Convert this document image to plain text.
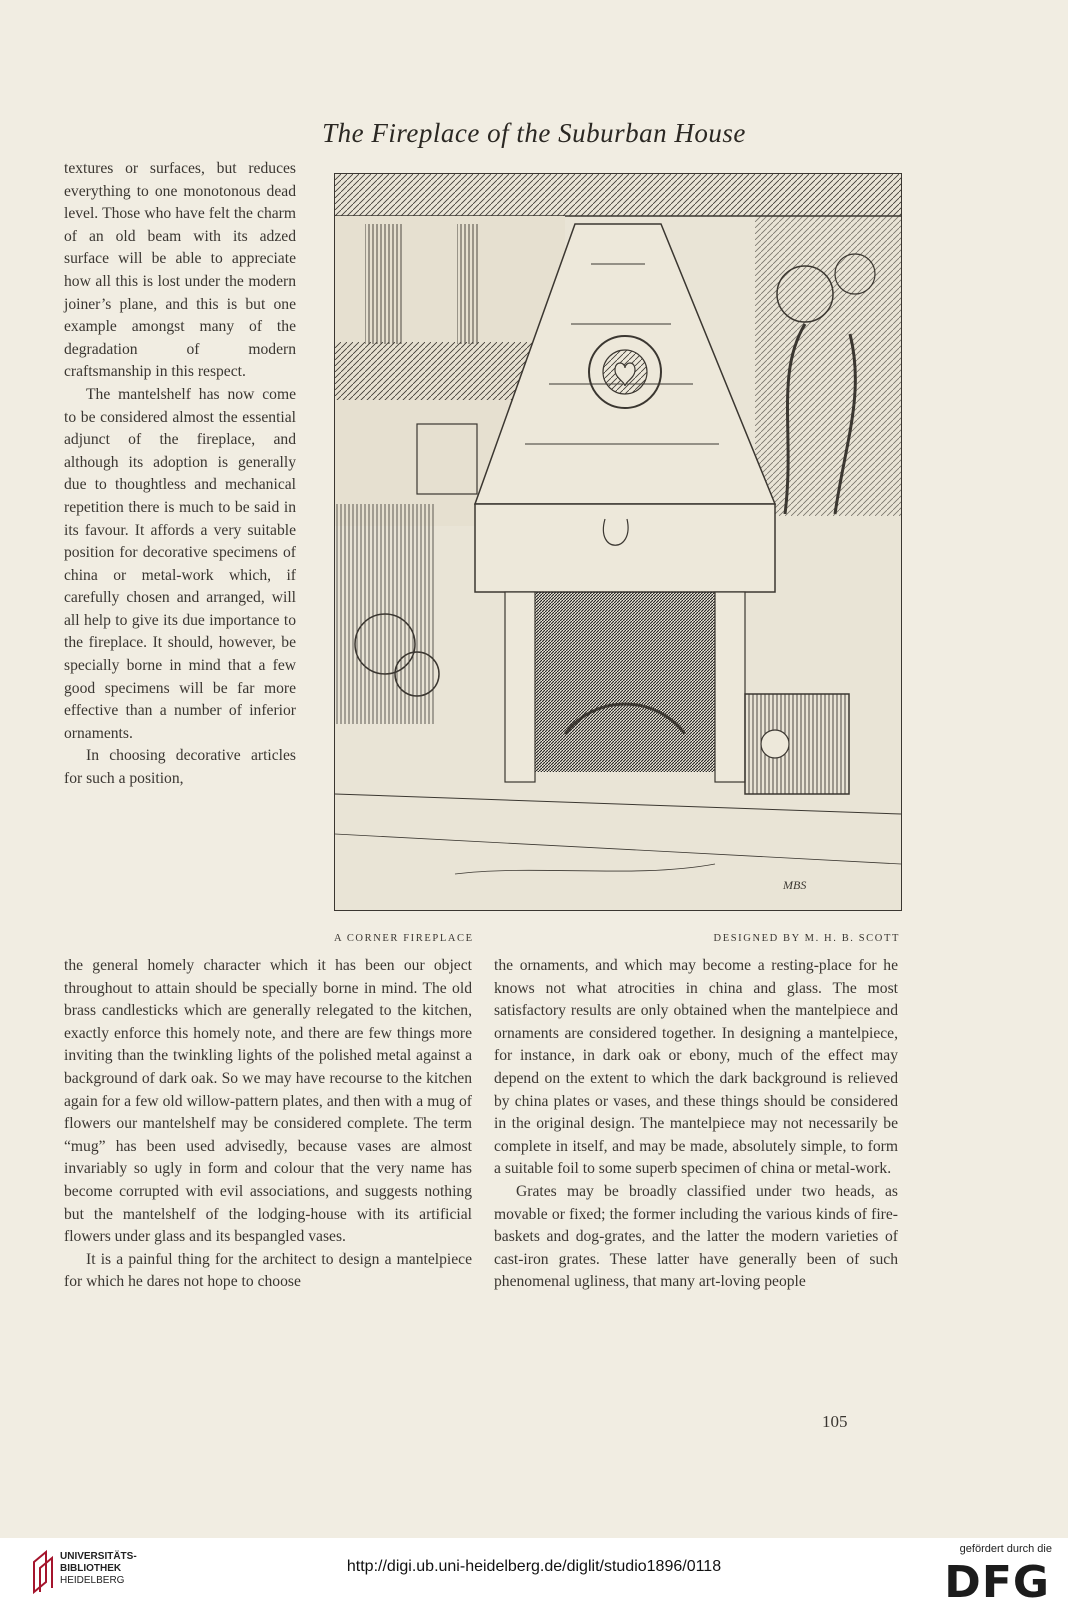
The Fireplace of the Suburban House

textures or surfaces, but reduces everything to one monotonous dead level. Those who have felt the charm of an old beam with its adzed surface will be able to appreciate how all this is lost under the modern joiner’s plane, and this is but one example amongst many of the degradation of modern craftsmanship in this respect.

The mantelshelf has now come to be considered almost the essential adjunct of the fireplace, and although its adoption is generally due to thoughtless and mechanical repetition there is much to be said in its favour. It affords a very suitable position for decorative specimens of china or metal-work which, if carefully chosen and arranged, will all help to give its due importance to the fireplace. It should, however, be specially borne in mind that a few good specimens will be far more effective than a number of inferior ornaments.

In choosing decorative articles for such a position,

MBS
A CORNER FIREPLACE	DESIGNED BY M. H. B. SCOTT

the general homely character which it has been our object throughout to attain should be specially borne in mind. The old brass candlesticks which are generally relegated to the kitchen, exactly enforce this homely note, and there are few things more inviting than the twinkling lights of the polished metal against a background of dark oak. So we may have recourse to the kitchen again for a few old willow-pattern plates, and then with a mug of flowers our mantelshelf may be considered complete. The term “mug” has been used advisedly, because vases are almost invariably so ugly in form and colour that the very name has become corrupted with evil associations, and suggests nothing but the mantelshelf of the lodging-house with its artificial flowers under glass and its bespangled vases.

It is a painful thing for the architect to design a mantelpiece for which he dares not hope to choose

the ornaments, and which may become a resting-place for he knows not what atrocities in china and glass. The most satisfactory results are only obtained when the mantelpiece and ornaments are considered together. In designing a mantelpiece, for instance, in dark oak or ebony, much of the effect may depend on the extent to which the dark background is relieved by china plates or vases, and these things should be considered in the original design. The mantelpiece may not necessarily be complete in itself, and may be made, absolutely simple, to form a suitable foil to some superb specimen of china or metal-work.

Grates may be broadly classified under two heads, as movable or fixed; the former including the various kinds of fire-baskets and dog-grates, and the latter the modern varieties of cast-iron grates. These latter have generally been of such phenomenal ugliness, that many art-loving people

105
UNIVERSITÄTS-
BIBLIOTHEK
HEIDELBERG
http://digi.ub.uni-heidelberg.de/diglit/studio1896/0118
gefördert durch die
DFG
